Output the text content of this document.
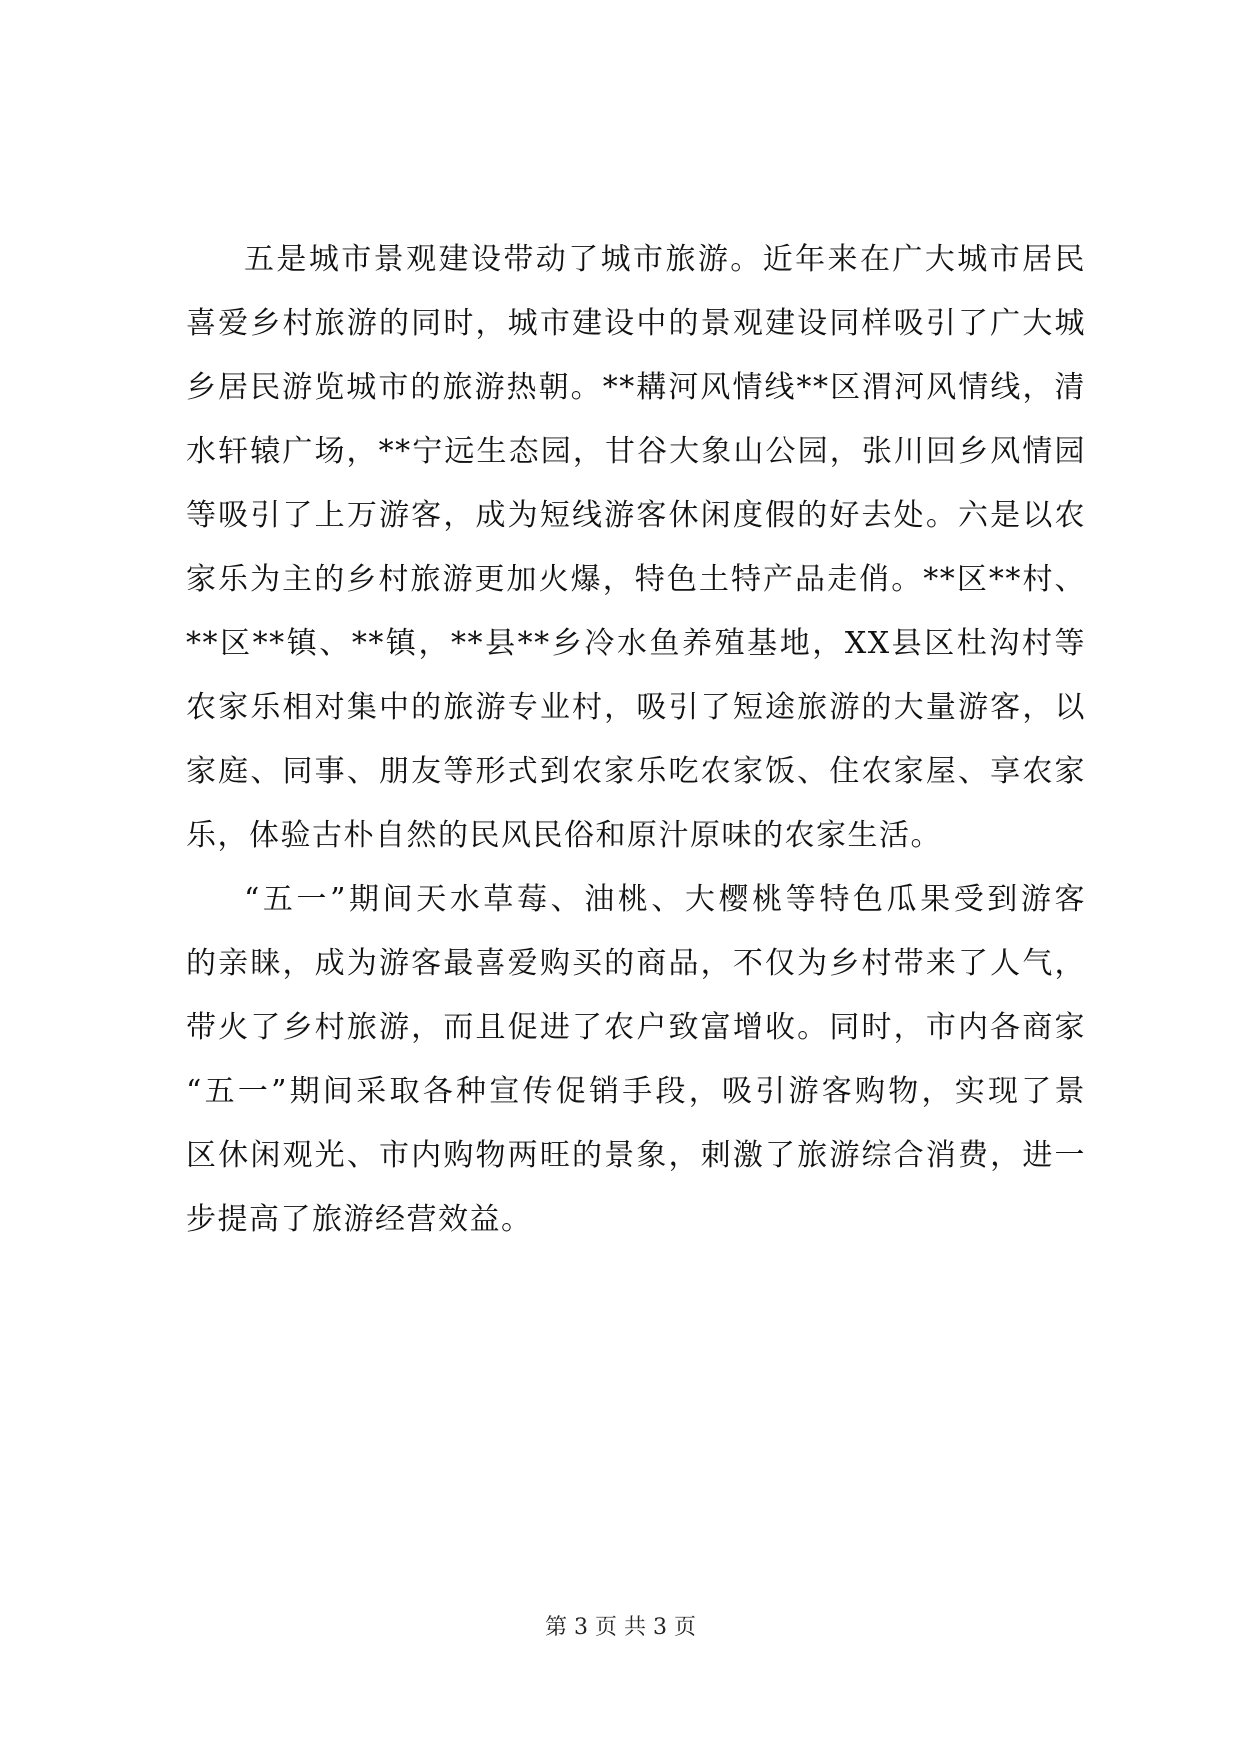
五是城市景观建设带动了城市旅游。近年来在广大城市居民
喜爱乡村旅游的同时，城市建设中的景观建设同样吸引了广大城
乡居民游览城市的旅游热朝。**耩河风情线**区渭河风情线，清
水轩辕广场，**宁远生态园，甘谷大象山公园，张川回乡风情园
等吸引了上万游客，成为短线游客休闲度假的好去处。六是以农
家乐为主的乡村旅游更加火爆，特色土特产品走俏。**区**村、
**区**镇、**镇，**县**乡冷水鱼养殖基地，XX县区杜沟村等
农家乐相对集中的旅游专业村，吸引了短途旅游的大量游客，以
家庭、同事、朋友等形式到农家乐吃农家饭、住农家屋、享农家
乐，体验古朴自然的民风民俗和原汁原味的农家生活。
“五一”期间天水草莓、油桃、大樱桃等特色瓜果受到游客
的亲睐，成为游客最喜爱购买的商品，不仅为乡村带来了人气，
带火了乡村旅游，而且促进了农户致富增收。同时，市内各商家
“五一”期间采取各种宣传促销手段，吸引游客购物，实现了景
区休闲观光、市内购物两旺的景象，刺激了旅游综合消费，进一
步提高了旅游经营效益。
第 3 页 共 3 页
